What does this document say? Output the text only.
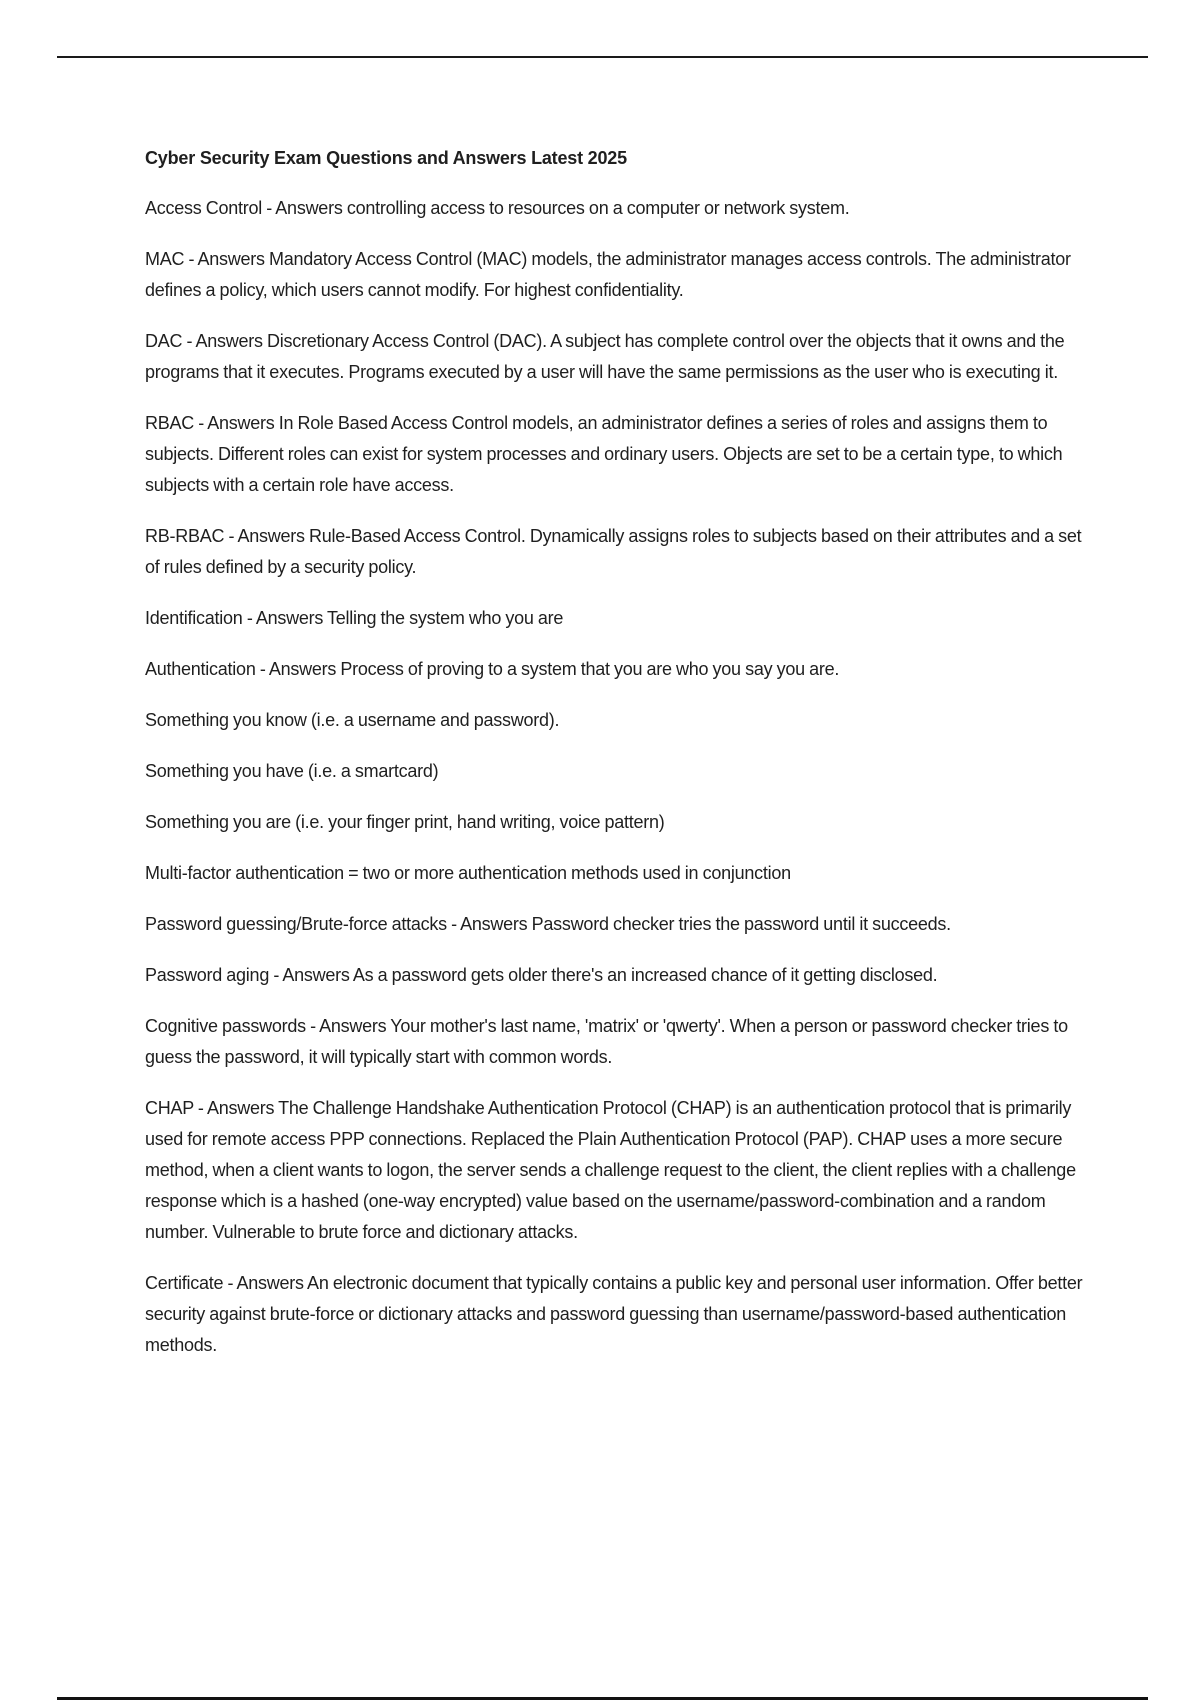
Cyber Security Exam Questions and Answers Latest 2025

Access Control - Answers controlling access to resources on a computer or network system.

MAC - Answers Mandatory Access Control (MAC) models, the administrator manages access controls. The administrator defines a policy, which users cannot modify. For highest confidentiality.

DAC - Answers Discretionary Access Control (DAC). A subject has complete control over the objects that it owns and the programs that it executes. Programs executed by a user will have the same permissions as the user who is executing it.

RBAC - Answers In Role Based Access Control models, an administrator defines a series of roles and assigns them to subjects. Different roles can exist for system processes and ordinary users. Objects are set to be a certain type, to which subjects with a certain role have access.

RB-RBAC - Answers Rule-Based Access Control. Dynamically assigns roles to subjects based on their attributes and a set of rules defined by a security policy.

Identification - Answers Telling the system who you are

Authentication - Answers Process of proving to a system that you are who you say you are.

Something you know (i.e. a username and password).

Something you have (i.e. a smartcard)

Something you are (i.e. your finger print, hand writing, voice pattern)

Multi-factor authentication = two or more authentication methods used in conjunction

Password guessing/Brute-force attacks - Answers Password checker tries the password until it succeeds.

Password aging - Answers As a password gets older there's an increased chance of it getting disclosed.

Cognitive passwords - Answers Your mother's last name, 'matrix' or 'qwerty'. When a person or password checker tries to guess the password, it will typically start with common words.

CHAP - Answers The Challenge Handshake Authentication Protocol (CHAP) is an authentication protocol that is primarily used for remote access PPP connections. Replaced the Plain Authentication Protocol (PAP). CHAP uses a more secure method, when a client wants to logon, the server sends a challenge request to the client, the client replies with a challenge response which is a hashed (one-way encrypted) value based on the username/password-combination and a random number. Vulnerable to brute force and dictionary attacks.

Certificate - Answers An electronic document that typically contains a public key and personal user information. Offer better security against brute-force or dictionary attacks and password guessing than username/password-based authentication methods.
